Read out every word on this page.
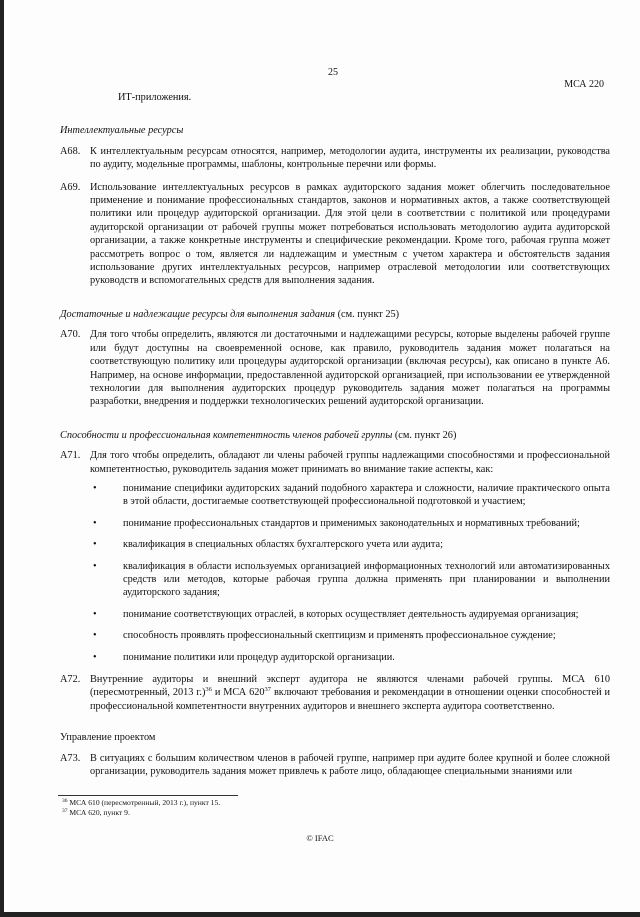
25
МСА 220

ИТ-приложения.

Интеллектуальные ресурсы

A68. К интеллектуальным ресурсам относятся, например, методологии аудита, инструменты их реализации, руководства по аудиту, модельные программы, шаблоны, контрольные перечни или формы.
A69. Использование интеллектуальных ресурсов в рамках аудиторского задания может облегчить последовательное применение и понимание профессиональных стандартов, законов и нормативных актов, а также соответствующей политики или процедур аудиторской организации. Для этой цели в соответствии с политикой или процедурами аудиторской организации от рабочей группы может потребоваться использовать методологию аудита аудиторской организации, а также конкретные инструменты и специфические рекомендации. Кроме того, рабочая группа может рассмотреть вопрос о том, является ли надлежащим и уместным с учетом характера и обстоятельств задания использование других интеллектуальных ресурсов, например отраслевой методологии или соответствующих руководств и вспомогательных средств для выполнения задания.

Достаточные и надлежащие ресурсы для выполнения задания (см. пункт 25)

A70. Для того чтобы определить, являются ли достаточными и надлежащими ресурсы, которые выделены рабочей группе или будут доступны на своевременной основе, как правило, руководитель задания может полагаться на соответствующую политику или процедуры аудиторской организации (включая ресурсы), как описано в пункте А6. Например, на основе информации, предоставленной аудиторской организацией, при использовании ее утвержденной технологии для выполнения аудиторских процедур руководитель задания может полагаться на программы разработки, внедрения и поддержки технологических решений аудиторской организации.

Способности и профессиональная компетентность членов рабочей группы (см. пункт 26)

A71. Для того чтобы определить, обладают ли члены рабочей группы надлежащими способностями и профессиональной компетентностью, руководитель задания может принимать во внимание такие аспекты, как:
• понимание специфики аудиторских заданий подобного характера и сложности, наличие практического опыта в этой области, достигаемые соответствующей профессиональной подготовкой и участием;
• понимание профессиональных стандартов и применимых законодательных и нормативных требований;
• квалификация в специальных областях бухгалтерского учета или аудита;
• квалификация в области используемых организацией информационных технологий или автоматизированных средств или методов, которые рабочая группа должна применять при планировании и выполнении аудиторского задания;
• понимание соответствующих отраслей, в которых осуществляет деятельность аудируемая организация;
• способность проявлять профессиональный скептицизм и применять профессиональное суждение;
• понимание политики или процедур аудиторской организации.
A72. Внутренние аудиторы и внешний эксперт аудитора не являются членами рабочей группы. МСА 610 (пересмотренный, 2013 г.)$^{36}$ и МСА $620^{37}$ включают требования и рекомендации в отношении оценки способностей и профессиональной компетентности внутренних аудиторов и внешнего эксперта аудитора соответственно.

Управление проектом

A73. В ситуациях с большим количеством членов в рабочей группе, например при аудите более крупной и более сложной организации, руководитель задания может привлечь к работе лицо, обладающее специальными знаниями или
$^{36}$ МСА 610 (пересмотренный, 2013 г.), пункт 15.
$^{37}$ МСА 620, пункт 9.
© IFAC
